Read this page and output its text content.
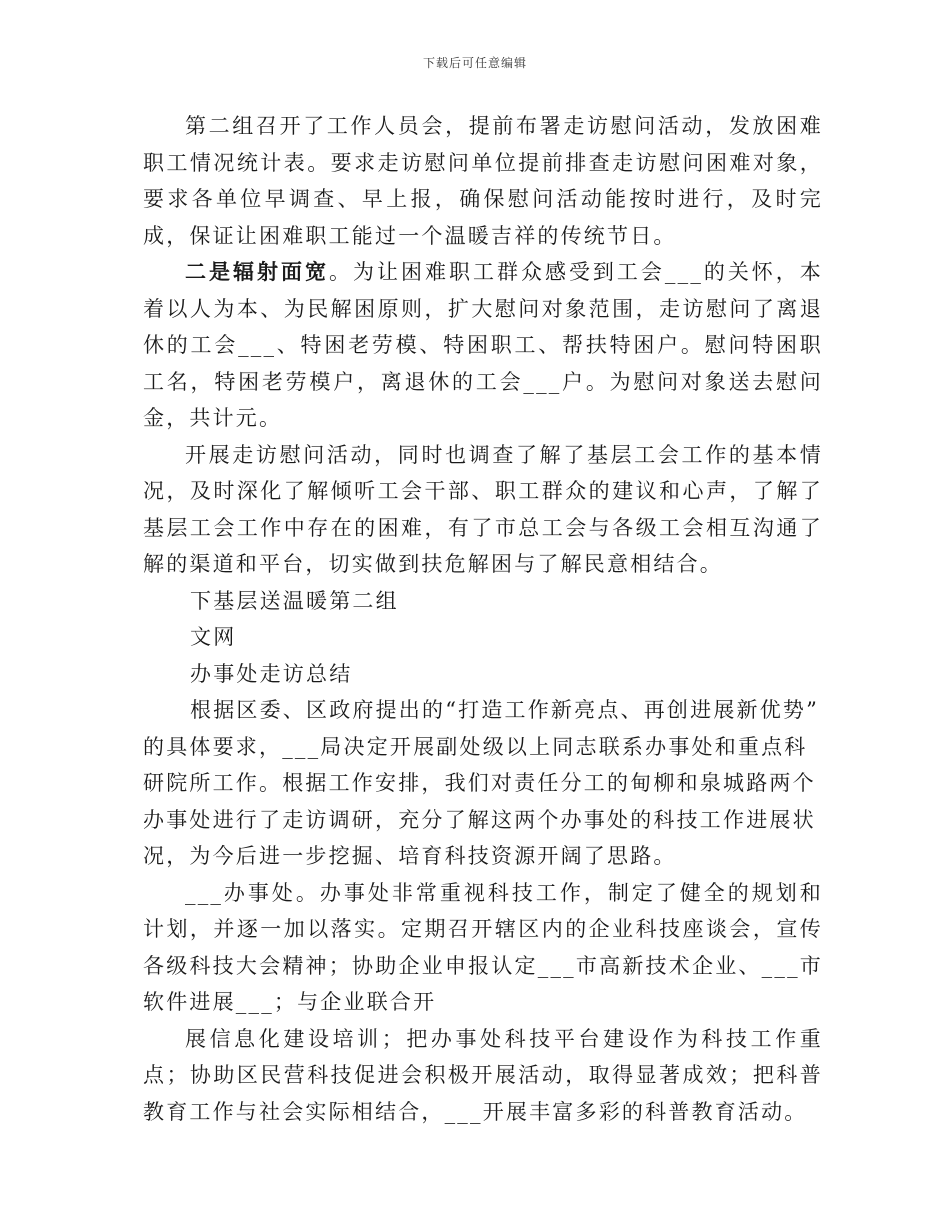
下载后可任意编辑

第二组召开了工作人员会，提前布署走访慰问活动，发放困难职工情况统计表。要求走访慰问单位提前排查走访慰问困难对象，要求各单位早调查、早上报，确保慰问活动能按时进行，及时完成，保证让困难职工能过一个温暖吉祥的传统节日。

二是辐射面宽。为让困难职工群众感受到工会___的关怀，本着以人为本、为民解困原则，扩大慰问对象范围，走访慰问了离退休的工会___、特困老劳模、特困职工、帮扶特困户。慰问特困职工名，特困老劳模户，离退休的工会___户。为慰问对象送去慰问金，共计元。

开展走访慰问活动，同时也调查了解了基层工会工作的基本情况，及时深化了解倾听工会干部、职工群众的建议和心声，了解了基层工会工作中存在的困难，有了市总工会与各级工会相互沟通了解的渠道和平台，切实做到扶危解困与了解民意相结合。

下基层送温暖第二组

文网

办事处走访总结

根据区委、区政府提出的“打造工作新亮点、再创进展新优势”

的具体要求，___局决定开展副处级以上同志联系办事处和重点科研院所工作。根据工作安排，我们对责任分工的甸柳和泉城路两个办事处进行了走访调研，充分了解这两个办事处的科技工作进展状况，为今后进一步挖掘、培育科技资源开阔了思路。

___办事处。办事处非常重视科技工作，制定了健全的规划和计划，并逐一加以落实。定期召开辖区内的企业科技座谈会，宣传各级科技大会精神；协助企业申报认定___市高新技术企业、___市软件进展___；与企业联合开

展信息化建设培训；把办事处科技平台建设作为科技工作重点；协助区民营科技促进会积极开展活动，取得显著成效；把科普教育工作与社会实际相结合，___开展丰富多彩的科普教育活动。
